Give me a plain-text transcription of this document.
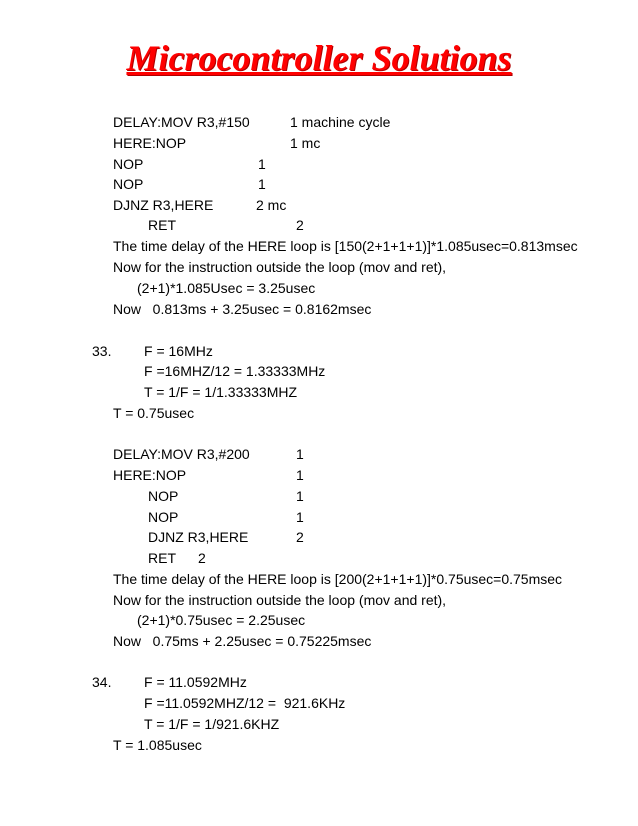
Microcontroller Solutions
DELAY:MOV R3,#150	1 machine cycle
HERE:NOP	1 mc
NOP	1
NOP	1
DJNZ R3,HERE	2 mc
RET	2
The time delay of the HERE loop is [150(2+1+1+1)]*1.085usec=0.813msec
Now for the instruction outside the loop (mov and ret),
(2+1)*1.085Usec = 3.25usec
Now   0.813ms + 3.25usec = 0.8162msec
33. F = 16MHz
F =16MHZ/12 = 1.33333MHz
T = 1/F = 1/1.33333MHZ
T = 0.75usec
DELAY:MOV R3,#200	1
HERE:NOP	1
NOP	1
NOP	1
DJNZ R3,HERE	2
RET 2
The time delay of the HERE loop is [200(2+1+1+1)]*0.75usec=0.75msec
Now for the instruction outside the loop (mov and ret),
(2+1)*0.75usec = 2.25usec
Now   0.75ms + 2.25usec = 0.75225msec
34. F = 11.0592MHz
F =11.0592MHZ/12 =  921.6KHz
T = 1/F = 1/921.6KHZ
T = 1.085usec
